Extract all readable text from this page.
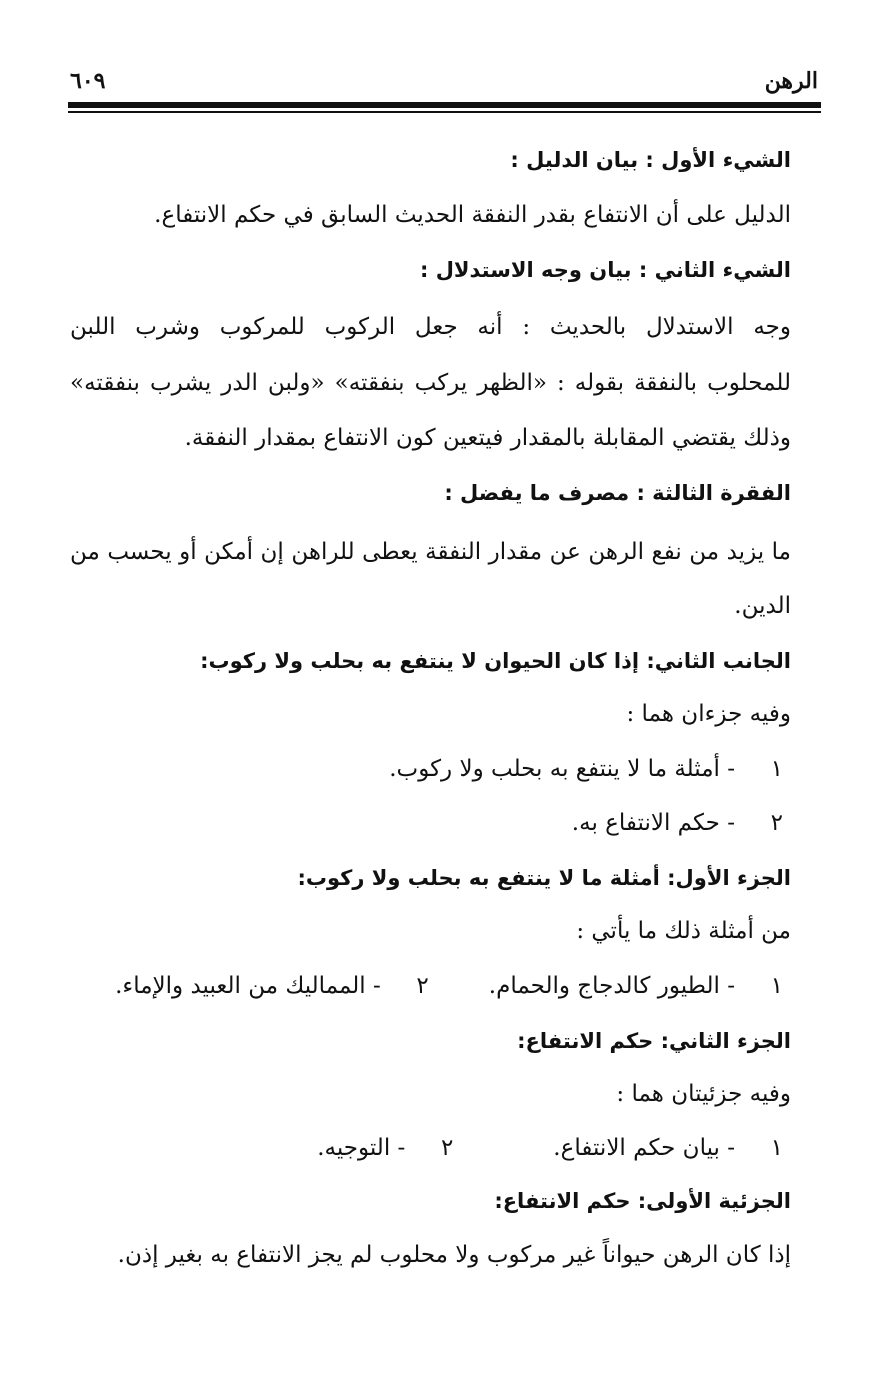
الرهن
٦٠٩
الشيء الأول : بيان الدليل :
الدليل على أن الانتفاع بقدر النفقة الحديث السابق في حكم الانتفاع.
الشيء الثاني : بيان وجه الاستدلال :
وجه الاستدلال بالحديث : أنه جعل الركوب للمركوب وشرب اللبن
للمحلوب بالنفقة بقوله : «الظهر يركب بنفقته» «ولبن الدر يشرب بنفقته»
وذلك يقتضي المقابلة بالمقدار فيتعين كون الانتفاع بمقدار النفقة.
الفقرة الثالثة : مصرف ما يفضل :
ما يزيد من نفع الرهن عن مقدار النفقة يعطى للراهن إن أمكن أو يحسب من
الدين.
الجانب الثاني: إذا كان الحيوان لا ينتفع به بحلب ولا ركوب:
وفيه جزءان هما :
١- أمثلة ما لا ينتفع به بحلب ولا ركوب.
٢- حكم الانتفاع به.
الجزء الأول: أمثلة ما لا ينتفع به بحلب ولا ركوب:
من أمثلة ذلك ما يأتي :
١- الطيور كالدجاج والحمام.٢- المماليك من العبيد والإماء.
الجزء الثاني: حكم الانتفاع:
وفيه جزئيتان هما :
١- بيان حكم الانتفاع.٢- التوجيه.
الجزئية الأولى: حكم الانتفاع:
إذا كان الرهن حيواناً غير مركوب ولا محلوب لم يجز الانتفاع به بغير إذن.
